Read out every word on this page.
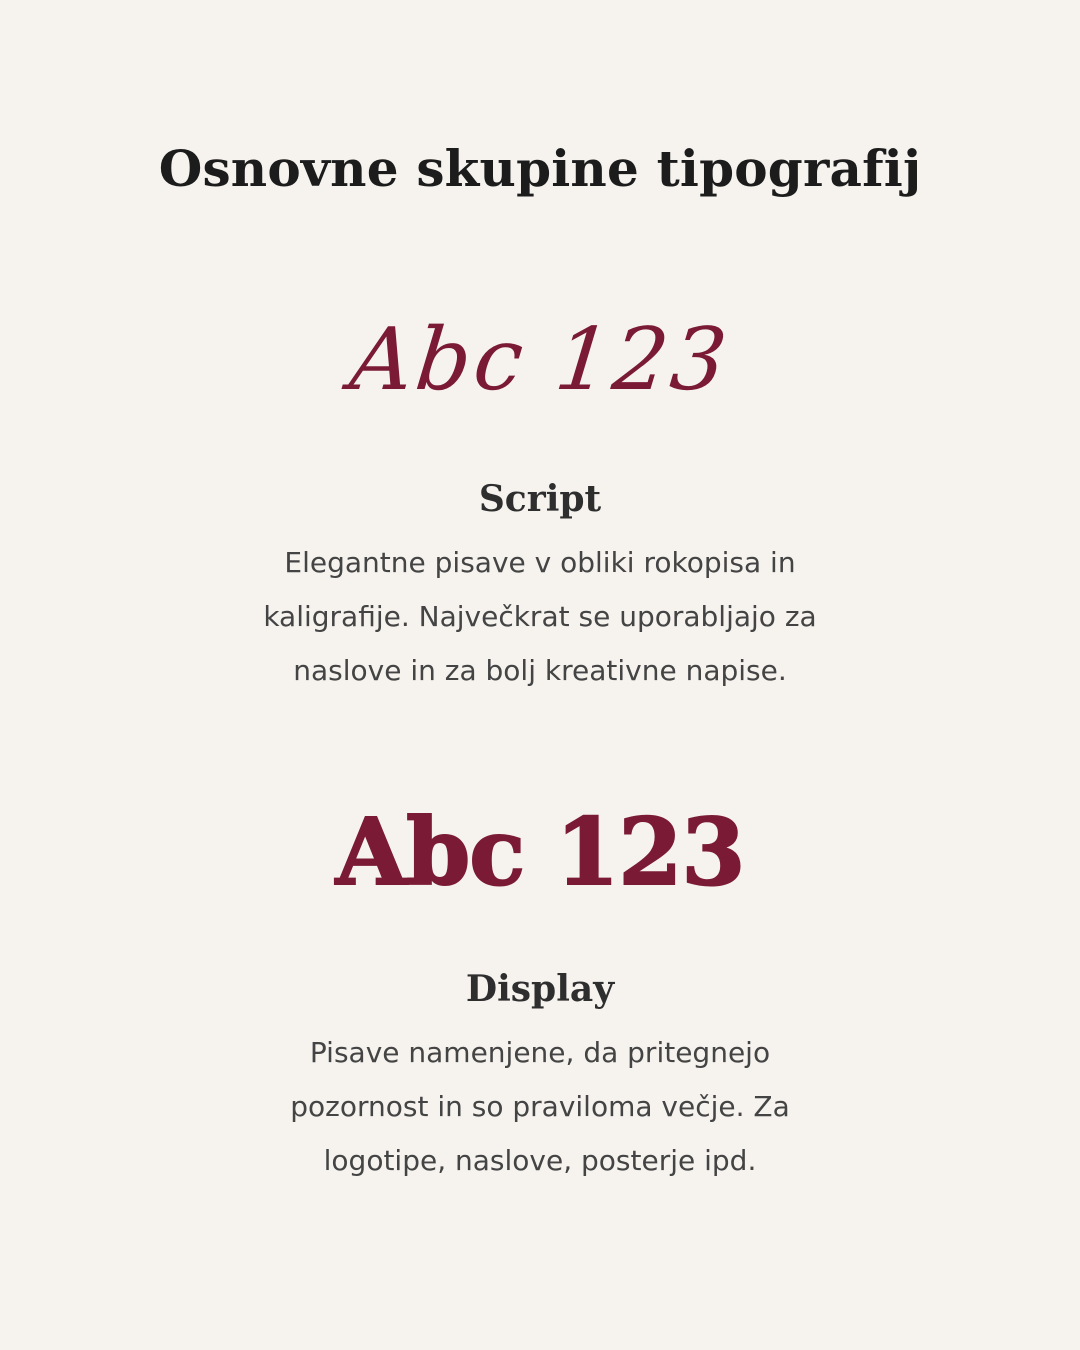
Osnovne skupine tipografij
Abc 123
Script
Elegantne pisave v obliki rokopisa in
kaligrafije. Največkrat se uporabljajo za
naslove in za bolj kreativne napise.
Abc 123
Display
Pisave namenjene, da pritegnejo
pozornost in so praviloma večje. Za
logotipe, naslove, posterje ipd.
